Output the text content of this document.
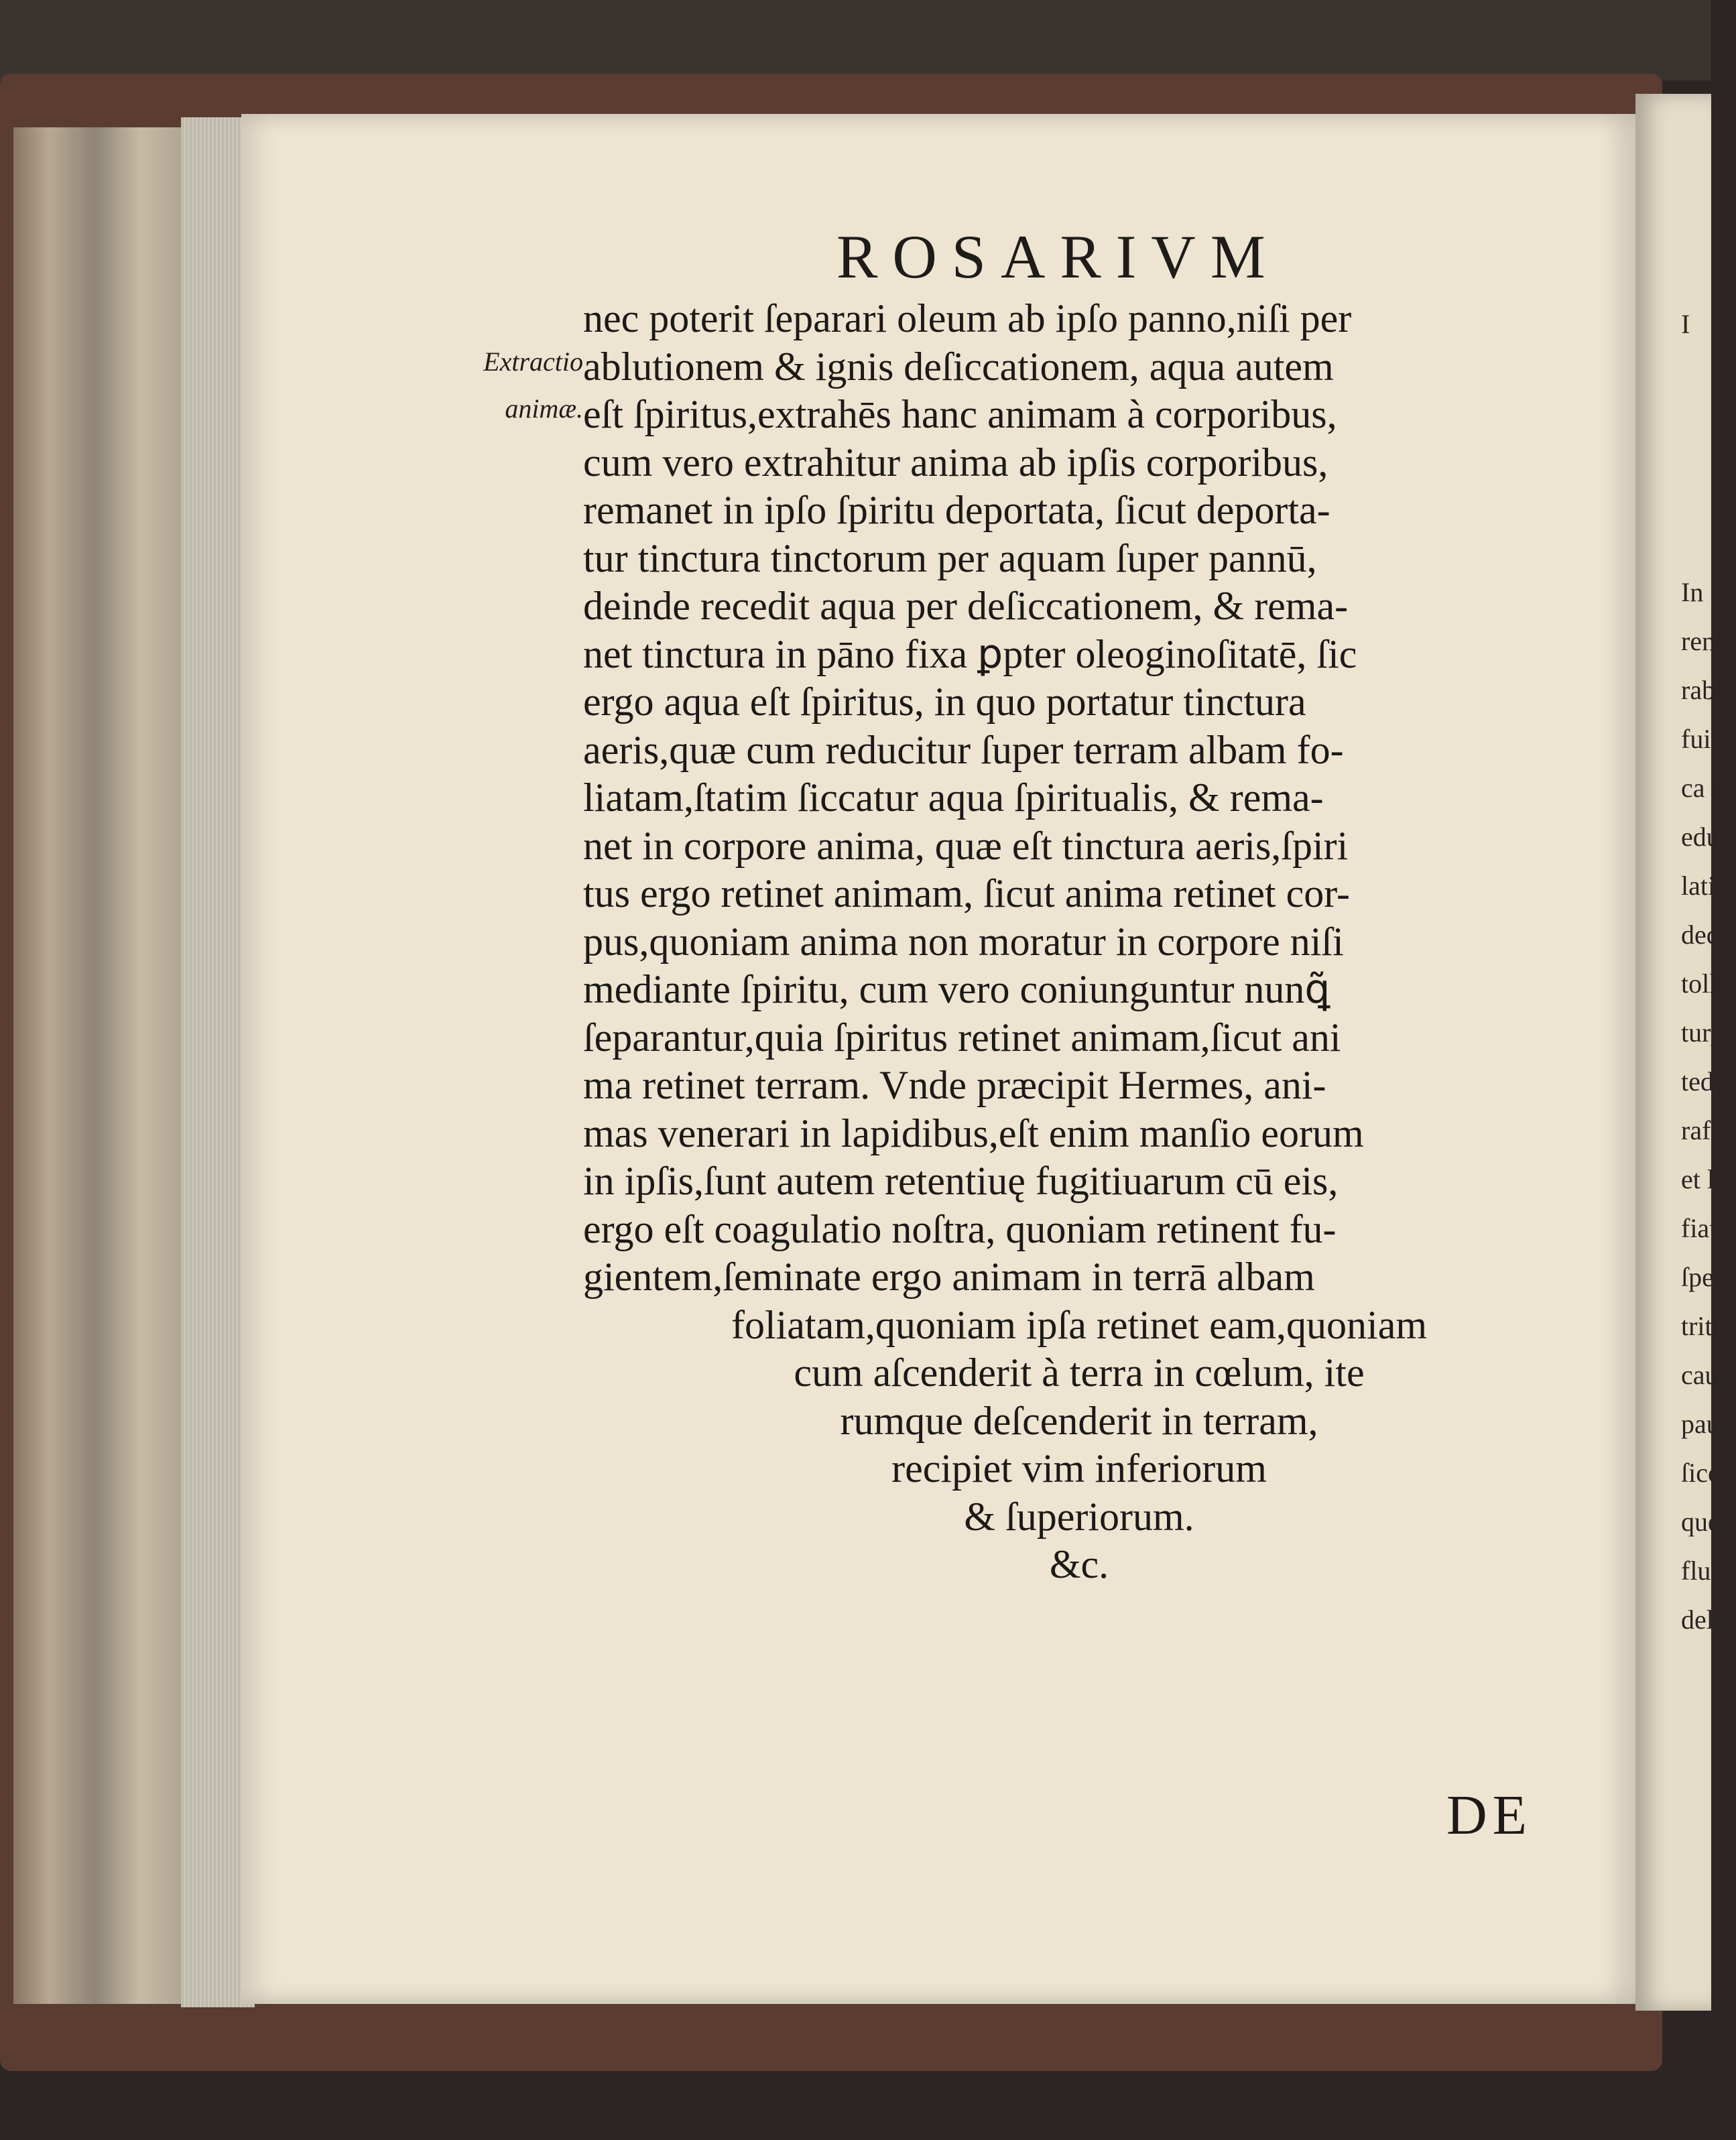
ROSARIVM
Extractio
animæ.
nec poterit ſeparari oleum ab ipſo panno,niſi per
ablutionem & ignis deſiccationem, aqua autem
eſt ſpiritus,extrahēs hanc animam à corporibus,
cum vero extrahitur anima ab ipſis corporibus,
remanet in ipſo ſpiritu deportata, ſicut deporta-
tur tinctura tinctorum per aquam ſuper pannū,
deinde recedit aqua per deſiccationem, & rema-
net tinctura in pāno fixa ꝑpter oleoginoſitatē, ſic
ergo aqua eſt ſpiritus, in quo portatur tinctura
aeris,quæ cum reducitur ſuper terram albam fo-
liatam,ſtatim ſiccatur aqua ſpiritualis, & rema-
net in corpore anima, quæ eſt tinctura aeris,ſpiri
tus ergo retinet animam, ſicut anima retinet cor-
pus,quoniam anima non moratur in corpore niſi
mediante ſpiritu, cum vero coniunguntur nunꝗ̃
ſeparantur,quia ſpiritus retinet animam,ſicut ani
ma retinet terram. Vnde præcipit Hermes, ani-
mas venerari in lapidibus,eſt enim manſio eorum
in ipſis,ſunt autem retentiuę fugitiuarum cū eis,
ergo eſt coagulatio noſtra, quoniam retinent fu-
gientem,ſeminate ergo animam in terrā albam
foliatam,quoniam ipſa retinet eam,quoniam
cum aſcenderit à terra in cœlum, ite
rumque deſcenderit in terram,
recipiet vim inferiorum
& ſuperiorum.
&c.
DE
I
In
rend
rabil
fui,l
ca ac
educ
latim
deco
tolli
tur,
tede
rafr
et li
fiat c
ſpen
tritu
caue
paul
ſicca
que
flu
deli
